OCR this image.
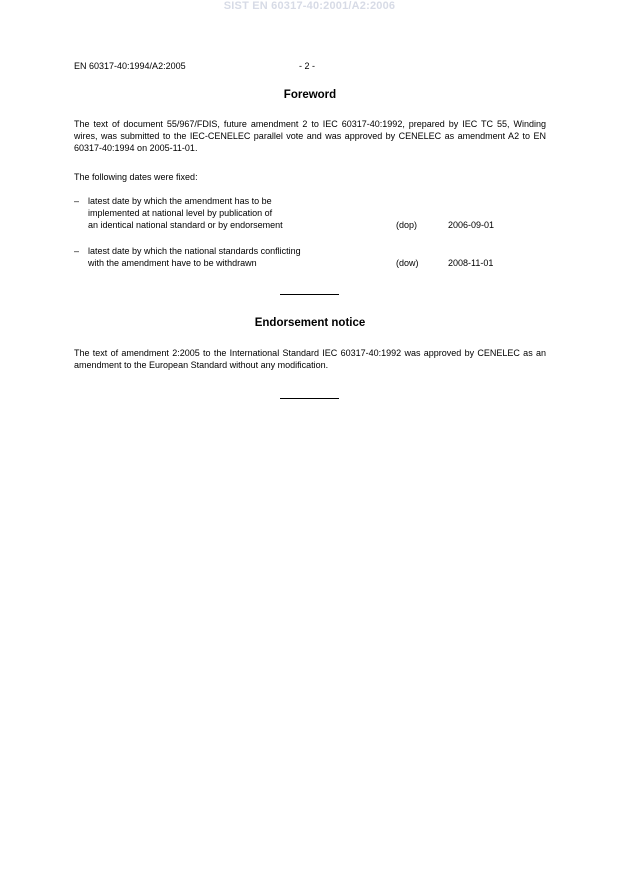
SIST EN 60317-40:2001/A2:2006
EN 60317-40:1994/A2:2005	- 2 -
Foreword
The text of document 55/967/FDIS, future amendment 2 to IEC 60317-40:1992, prepared by IEC TC 55, Winding wires, was submitted to the IEC-CENELEC parallel vote and was approved by CENELEC as amendment A2 to EN 60317-40:1994 on 2005-11-01.
The following dates were fixed:
– latest date by which the amendment has to be
implemented at national level by publication of
an identical national standard or by endorsement	(dop)	2006-09-01
– latest date by which the national standards conflicting
with the amendment have to be withdrawn	(dow)	2008-11-01
Endorsement notice
The text of amendment 2:2005 to the International Standard IEC 60317-40:1992 was approved by CENELEC as an amendment to the European Standard without any modification.
